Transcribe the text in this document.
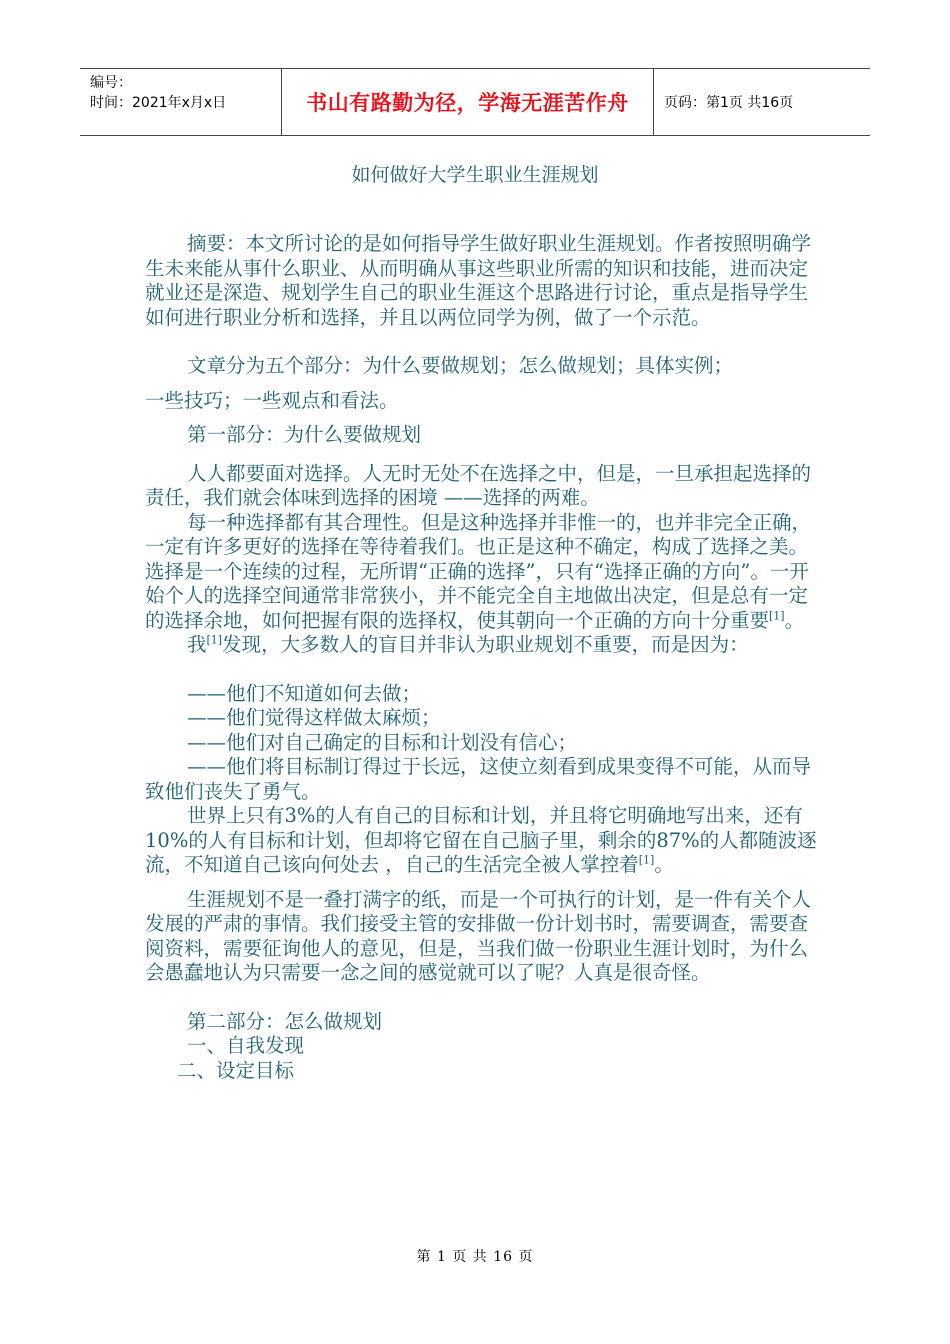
编号：
时间：2021年x月x日	书山有路勤为径，学海无涯苦作舟	页码：第1页 共16页
如何做好大学生职业生涯规划

摘要：本文所讨论的是如何指导学生做好职业生涯规划。作者按照明确学生未来能从事什么职业、从而明确从事这些职业所需的知识和技能，进而决定就业还是深造、规划学生自己的职业生涯这个思路进行讨论，重点是指导学生如何进行职业分析和选择，并且以两位同学为例，做了一个示范。

文章分为五个部分：为什么要做规划；怎么做规划；具体实例；

一些技巧；一些观点和看法。

第一部分：为什么要做规划

人人都要面对选择。人无时无处不在选择之中，但是，一旦承担起选择的责任，我们就会体味到选择的困境 ——选择的两难。

每一种选择都有其合理性。但是这种选择并非惟一的，也并非完全正确，一定有许多更好的选择在等待着我们。也正是这种不确定，构成了选择之美。

选择是一个连续的过程，无所谓“正确的选择”，只有“选择正确的方向”。一开始个人的选择空间通常非常狭小，并不能完全自主地做出决定，但是总有一定的选择余地，如何把握有限的选择权，使其朝向一个正确的方向十分重要[1]。

我[1]发现，大多数人的盲目并非认为职业规划不重要，而是因为：

——他们不知道如何去做；

——他们觉得这样做太麻烦；

——他们对自己确定的目标和计划没有信心；

——他们将目标制订得过于长远，这使立刻看到成果变得不可能，从而导致他们丧失了勇气。

世界上只有3%的人有自己的目标和计划，并且将它明确地写出来，还有10%的人有目标和计划，但却将它留在自己脑子里，剩余的87%的人都随波逐流，不知道自己该向何处去 ，自己的生活完全被人掌控着[1]。

生涯规划不是一叠打满字的纸，而是一个可执行的计划，是一件有关个人发展的严肃的事情。我们接受主管的安排做一份计划书时，需要调查，需要查阅资料，需要征询他人的意见，但是，当我们做一份职业生涯计划时，为什么会愚蠢地认为只需要一念之间的感觉就可以了呢？人真是很奇怪。

第二部分：怎么做规划

一、自我发现

二、设定目标

第 1 页 共 16 页
